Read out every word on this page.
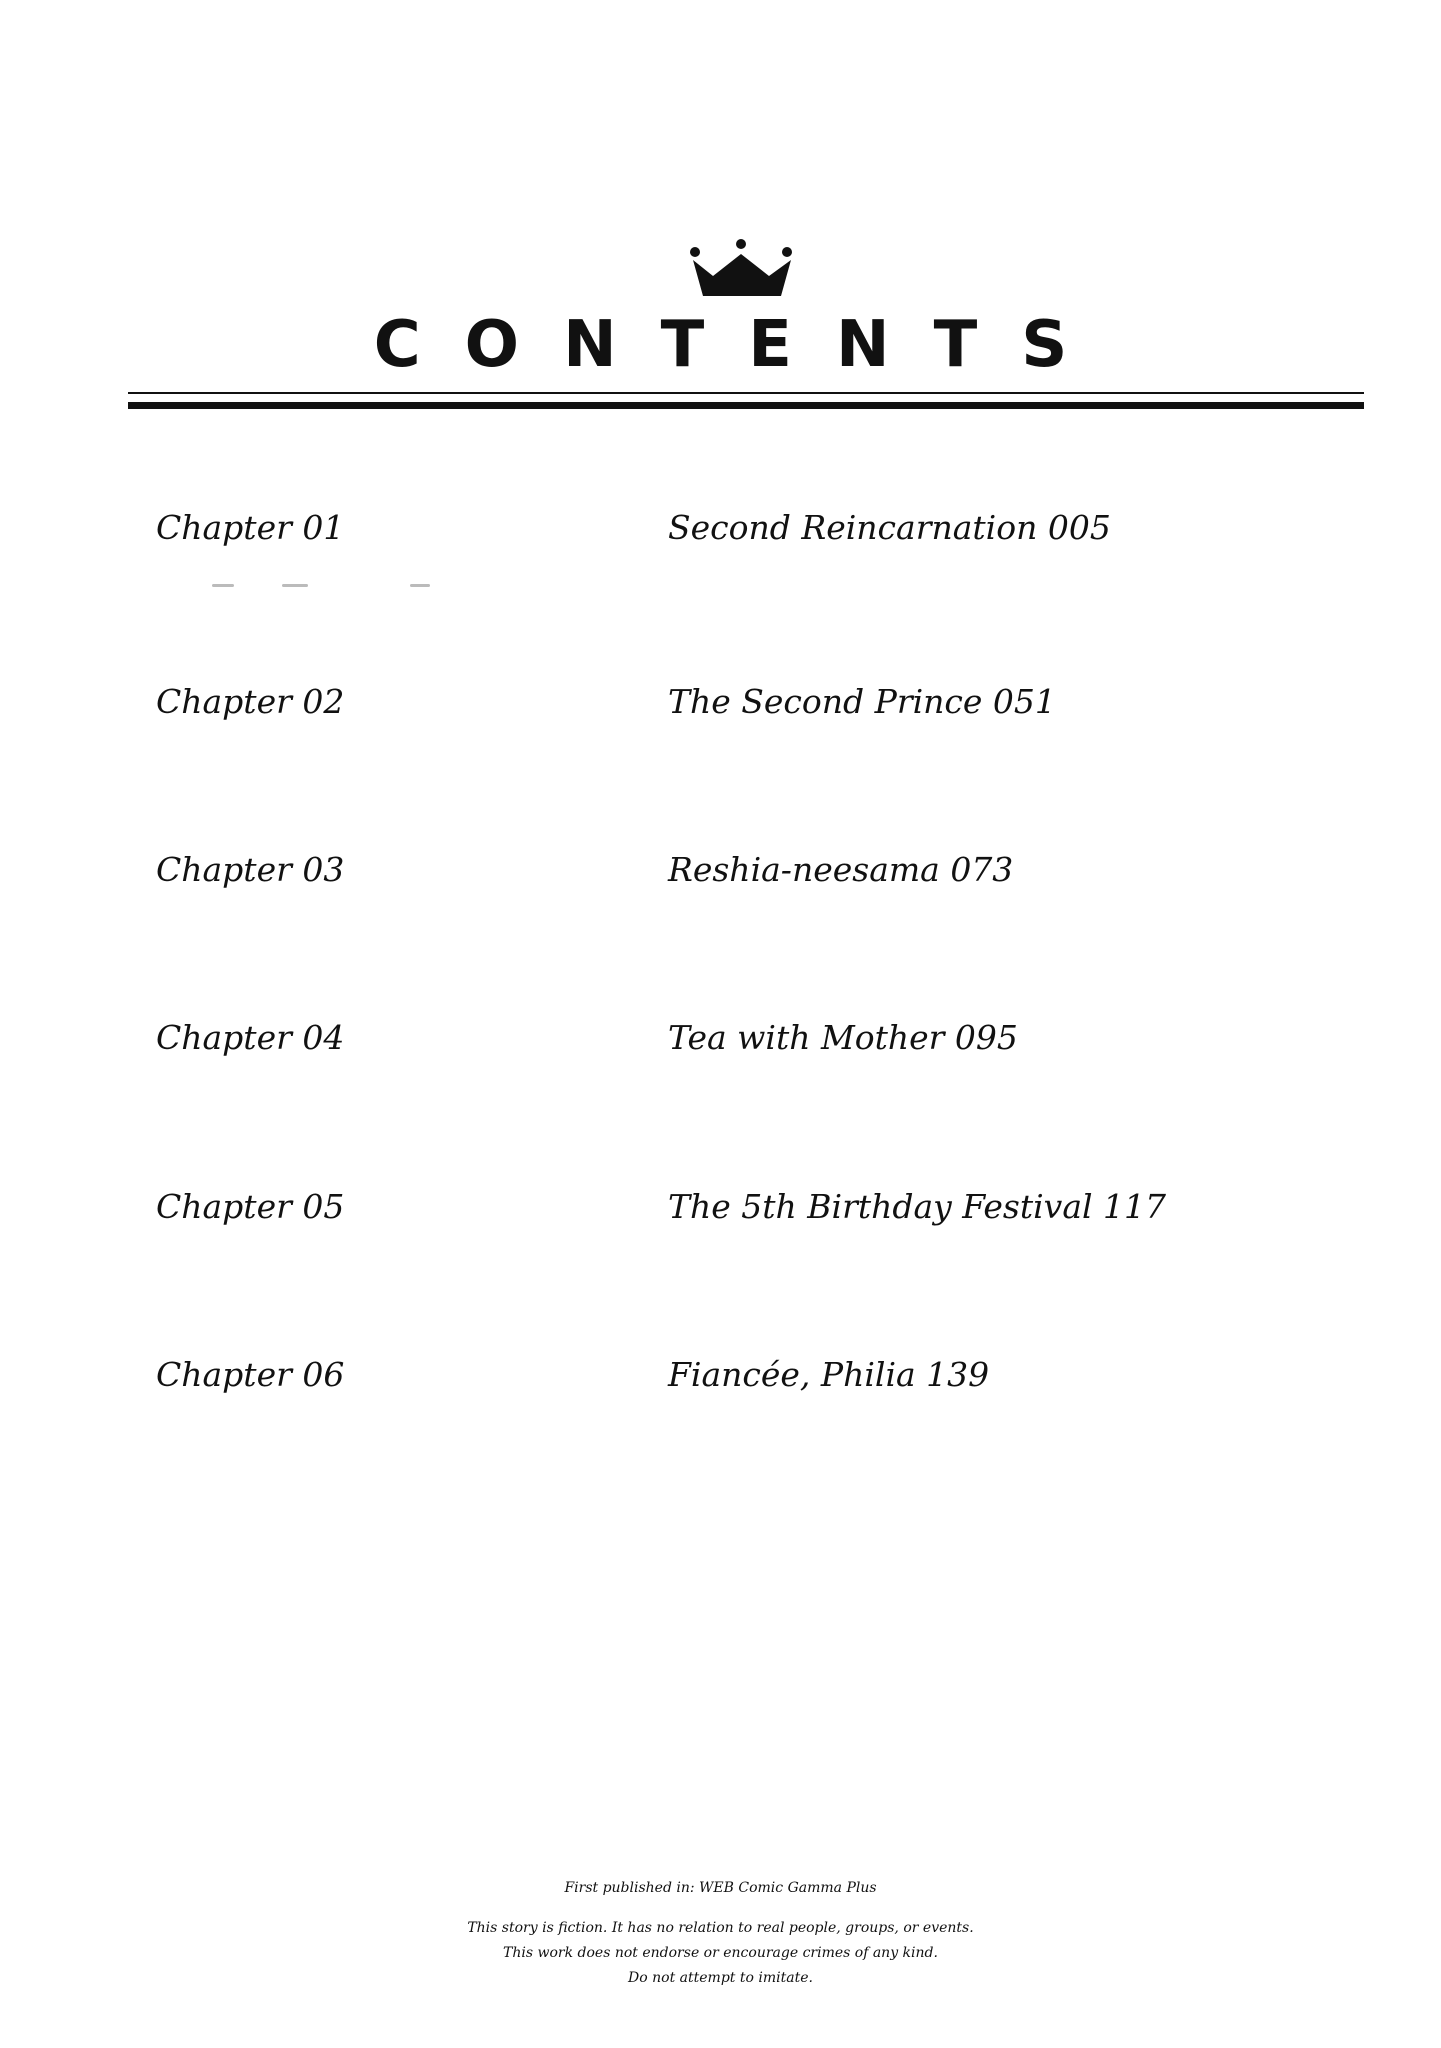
CONTENTS
Chapter 01	Second Reincarnation 005
Chapter 02	The Second Prince 051
Chapter 03	Reshia-neesama 073
Chapter 04	Tea with Mother 095
Chapter 05	The 5th Birthday Festival 117
Chapter 06	Fiancée, Philia 139
First published in: WEB Comic Gamma Plus
This story is fiction. It has no relation to real people, groups, or events.
This work does not endorse or encourage crimes of any kind.
Do not attempt to imitate.
